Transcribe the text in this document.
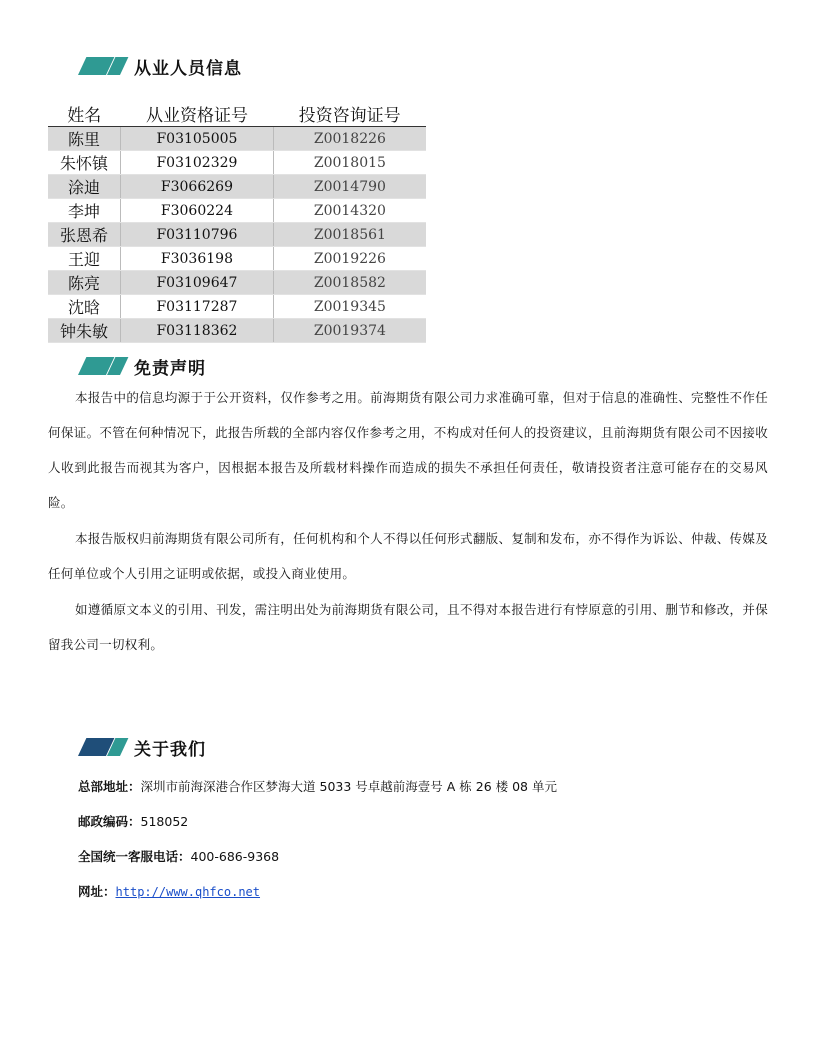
从业人员信息
姓名	从业资格证号	投资咨询证号
陈里	F03105005	Z0018226
朱怀镇	F03102329	Z0018015
涂迪	F3066269	Z0014790
李坤	F3060224	Z0014320
张恩希	F03110796	Z0018561
王迎	F3036198	Z0019226
陈亮	F03109647	Z0018582
沈晗	F03117287	Z0019345
钟朱敏	F03118362	Z0019374
免责声明

本报告中的信息均源于于公开资料，仅作参考之用。前海期货有限公司力求准确可靠，但对于信息的准确性、完整性不作任何保证。不管在何种情况下，此报告所载的全部内容仅作参考之用，不构成对任何人的投资建议，且前海期货有限公司不因接收人收到此报告而视其为客户，因根据本报告及所载材料操作而造成的损失不承担任何责任，敬请投资者注意可能存在的交易风险。

本报告版权归前海期货有限公司所有，任何机构和个人不得以任何形式翻版、复制和发布，亦不得作为诉讼、仲裁、传媒及任何单位或个人引用之证明或依据，或投入商业使用。

如遵循原文本义的引用、刊发，需注明出处为前海期货有限公司，且不得对本报告进行有悖原意的引用、删节和修改，并保留我公司一切权利。

关于我们
总部地址：深圳市前海深港合作区梦海大道 5033 号卓越前海壹号 A 栋 26 楼 08 单元
邮政编码：518052
全国统一客服电话：400-686-9368
网址：http://www.qhfco.net
